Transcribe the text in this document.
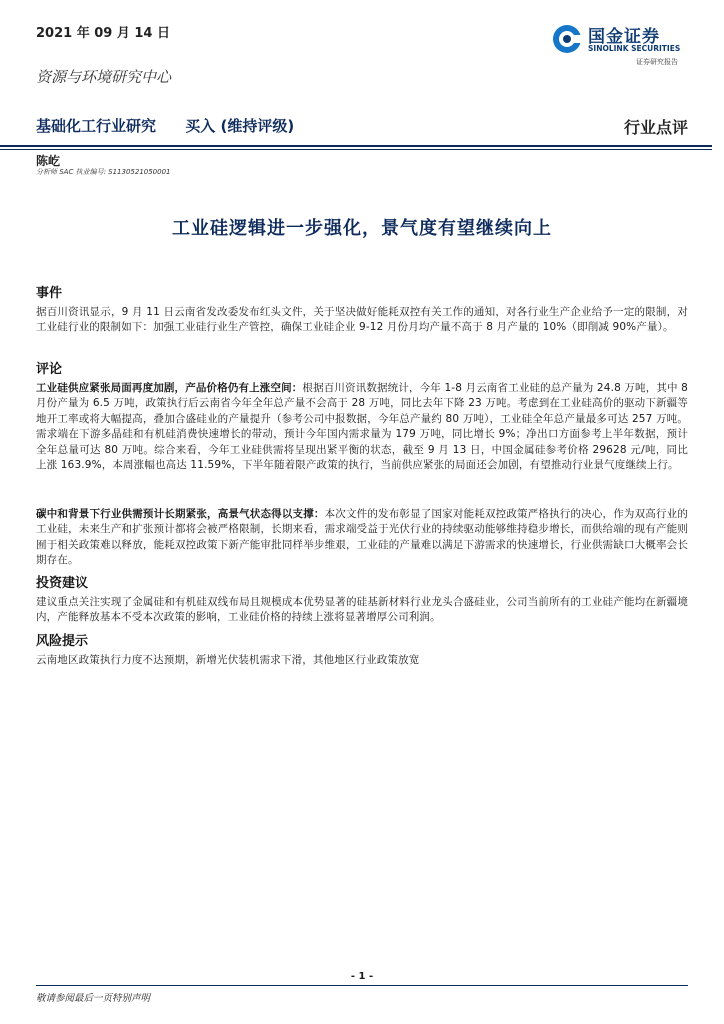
2021 年 09 月 14 日	国金证券
SINOLINK SECURITIES
证券研究报告
资源与环境研究中心
基础化工行业研究 买入 (维持评级)	行业点评
陈屹
分析师 SAC 执业编号: S1130521050001
工业硅逻辑进一步强化，景气度有望继续向上

事件

据百川资讯显示，9 月 11 日云南省发改委发布红头文件，关于坚决做好能耗双控有关工作的通知，对各行业生产企业给予一定的限制，对工业硅行业的限制如下：加强工业硅行业生产管控，确保工业硅企业 9-12 月份月均产量不高于 8 月产量的 10%（即削减 90%产量）。

评论

工业硅供应紧张局面再度加剧，产品价格仍有上涨空间：根据百川资讯数据统计，今年 1-8 月云南省工业硅的总产量为 24.8 万吨，其中 8 月份产量为 6.5 万吨，政策执行后云南省今年全年总产量不会高于 28 万吨，同比去年下降 23 万吨。考虑到在工业硅高价的驱动下新疆等地开工率或将大幅提高，叠加合盛硅业的产量提升（参考公司中报数据，今年总产量约 80 万吨），工业硅全年总产量最多可达 257 万吨。需求端在下游多晶硅和有机硅消费快速增长的带动，预计今年国内需求量为 179 万吨，同比增长 9%；净出口方面参考上半年数据，预计全年总量可达 80 万吨。综合来看，今年工业硅供需将呈现出紧平衡的状态，截至 9 月 13 日，中国金属硅参考价格 29628 元/吨，同比上涨 163.9%，本周涨幅也高达 11.59%，下半年随着限产政策的执行，当前供应紧张的局面还会加剧，有望推动行业景气度继续上行。

碳中和背景下行业供需预计长期紧张，高景气状态得以支撑：本次文件的发布彰显了国家对能耗双控政策严格执行的决心，作为双高行业的工业硅，未来生产和扩张预计都将会被严格限制，长期来看，需求端受益于光伏行业的持续驱动能够维持稳步增长，而供给端的现有产能则囿于相关政策难以释放，能耗双控政策下新产能审批同样举步维艰，工业硅的产量难以满足下游需求的快速增长，行业供需缺口大概率会长期存在。

投资建议

建议重点关注实现了金属硅和有机硅双线布局且规模成本优势显著的硅基新材料行业龙头合盛硅业，公司当前所有的工业硅产能均在新疆境内，产能释放基本不受本次政策的影响，工业硅价格的持续上涨将显著增厚公司利润。

风险提示

云南地区政策执行力度不达预期，新增光伏装机需求下滑，其他地区行业政策放宽

- 1 -
敬请参阅最后一页特别声明
